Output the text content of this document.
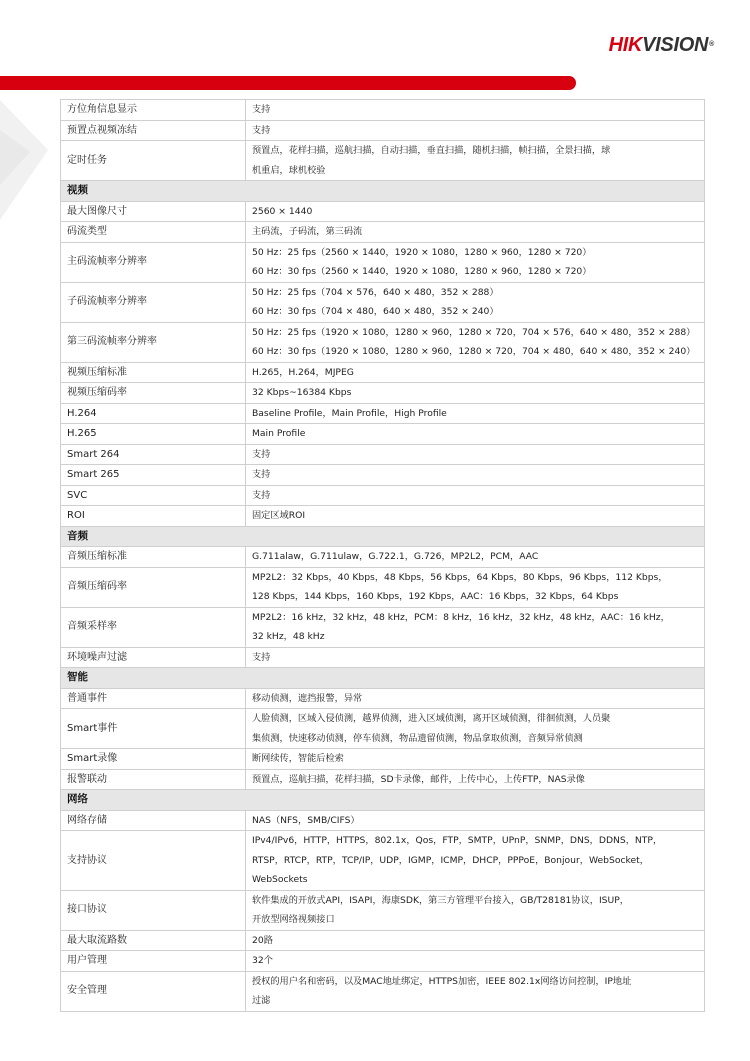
HIKVISION®
方位角信息显示	支持

预置点视频冻结	支持

定时任务	预置点，花样扫描，巡航扫描，自动扫描，垂直扫描，随机扫描，帧扫描，全景扫描，球
机重启，球机校验

视频	
最大图像尺寸	2560 × 1440

码流类型	主码流，子码流，第三码流

主码流帧率分辨率	50 Hz：25 fps（2560 × 1440，1920 × 1080，1280 × 960，1280 × 720）
60 Hz：30 fps（2560 × 1440，1920 × 1080，1280 × 960，1280 × 720）

子码流帧率分辨率	50 Hz：25 fps（704 × 576，640 × 480，352 × 288）
60 Hz：30 fps（704 × 480，640 × 480，352 × 240）

第三码流帧率分辨率	50 Hz：25 fps（1920 × 1080，1280 × 960，1280 × 720，704 × 576，640 × 480，352 × 288）
60 Hz：30 fps（1920 × 1080，1280 × 960，1280 × 720，704 × 480，640 × 480，352 × 240）

视频压缩标准	H.265，H.264，MJPEG

视频压缩码率	32 Kbps~16384 Kbps

H.264	Baseline Profile，Main Profile，High Profile

H.265	Main Profile

Smart 264	支持

Smart 265	支持

SVC	支持

ROI	固定区域ROI

音频	
音频压缩标准	G.711alaw，G.711ulaw，G.722.1，G.726，MP2L2，PCM，AAC

音频压缩码率	MP2L2：32 Kbps，40 Kbps，48 Kbps，56 Kbps，64 Kbps，80 Kbps，96 Kbps，112 Kbps，
128 Kbps，144 Kbps，160 Kbps，192 Kbps，AAC：16 Kbps，32 Kbps，64 Kbps

音频采样率	MP2L2：16 kHz，32 kHz，48 kHz，PCM：8 kHz，16 kHz，32 kHz，48 kHz，AAC：16 kHz，
32 kHz，48 kHz

环境噪声过滤	支持

智能	
普通事件	移动侦测，遮挡报警，异常

Smart事件	人脸侦测，区域入侵侦测，越界侦测，进入区域侦测，离开区域侦测，徘徊侦测，人员聚
集侦测，快速移动侦测，停车侦测，物品遗留侦测，物品拿取侦测，音频异常侦测

Smart录像	断网续传，智能后检索

报警联动	预置点，巡航扫描，花样扫描，SD卡录像，邮件，上传中心，上传FTP，NAS录像

网络	
网络存储	NAS（NFS，SMB/CIFS）

支持协议	IPv4/IPv6，HTTP，HTTPS，802.1x，Qos，FTP，SMTP，UPnP，SNMP，DNS，DDNS，NTP，
RTSP，RTCP，RTP，TCP/IP，UDP，IGMP，ICMP，DHCP，PPPoE，Bonjour，WebSocket，
WebSockets

接口协议	软件集成的开放式API，ISAPI，海康SDK，第三方管理平台接入，GB/T28181协议，ISUP，
开放型网络视频接口

最大取流路数	20路

用户管理	32个

安全管理	授权的用户名和密码，以及MAC地址绑定，HTTPS加密，IEEE 802.1x网络访问控制，IP地址
过滤
